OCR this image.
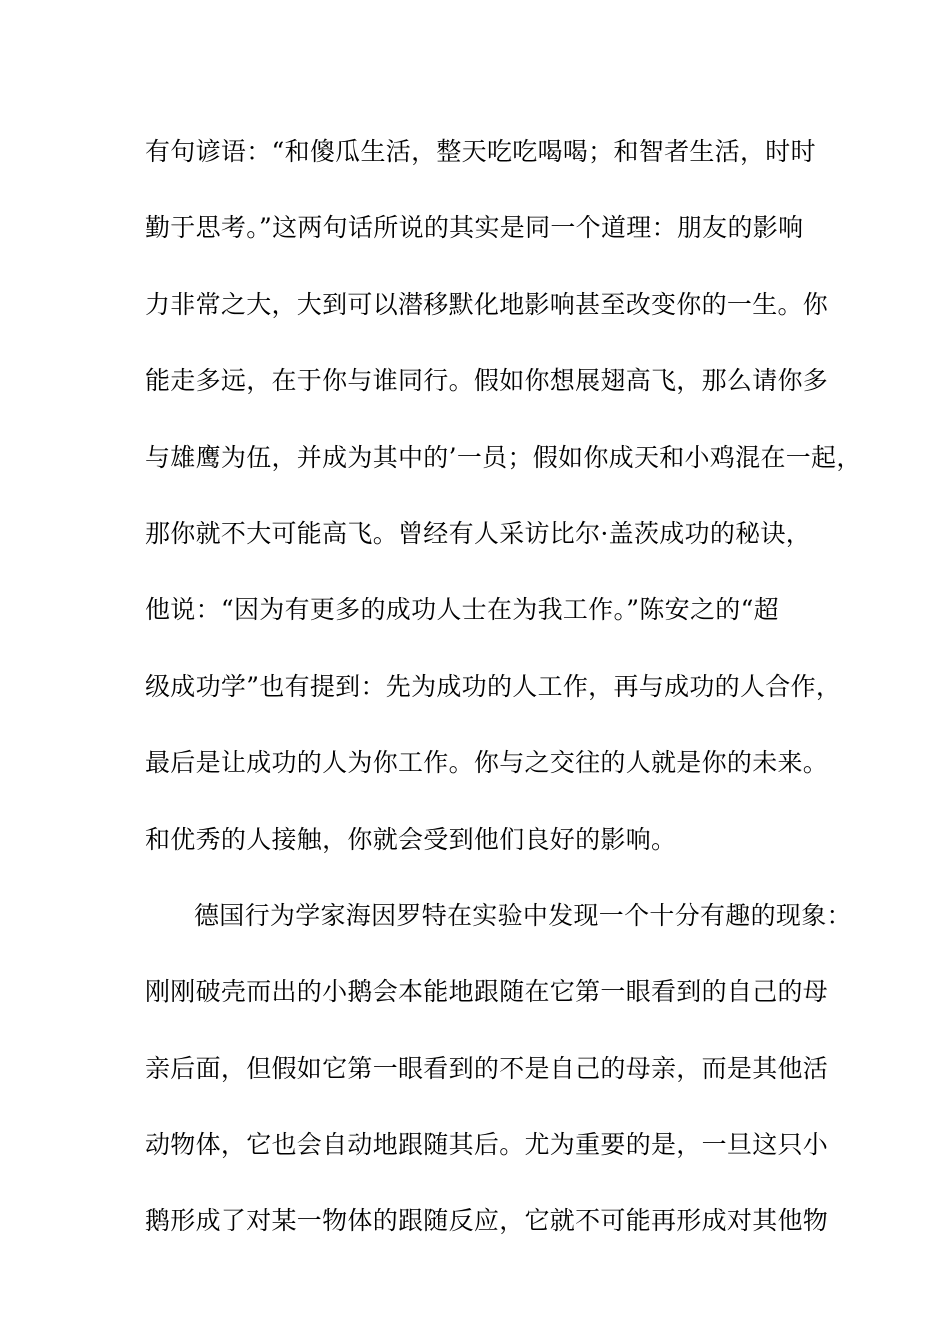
有句谚语：“和傻瓜生活，整天吃吃喝喝；和智者生活，时时
勤于思考。”这两句话所说的其实是同一个道理：朋友的影响
力非常之大，大到可以潜移默化地影响甚至改变你的一生。你
能走多远，在于你与谁同行。假如你想展翅高飞，那么请你多
与雄鹰为伍，并成为其中的’一员；假如你成天和小鸡混在一起，
那你就不大可能高飞。曾经有人采访比尔·盖茨成功的秘诀，
他说：“因为有更多的成功人士在为我工作。”陈安之的“超
级成功学”也有提到：先为成功的人工作，再与成功的人合作，
最后是让成功的人为你工作。你与之交往的人就是你的未来。
和优秀的人接触，你就会受到他们良好的影响。
德国行为学家海因罗特在实验中发现一个十分有趣的现象：
刚刚破壳而出的小鹅会本能地跟随在它第一眼看到的自己的母
亲后面，但假如它第一眼看到的不是自己的母亲，而是其他活
动物体，它也会自动地跟随其后。尤为重要的是，一旦这只小
鹅形成了对某一物体的跟随反应，它就不可能再形成对其他物
